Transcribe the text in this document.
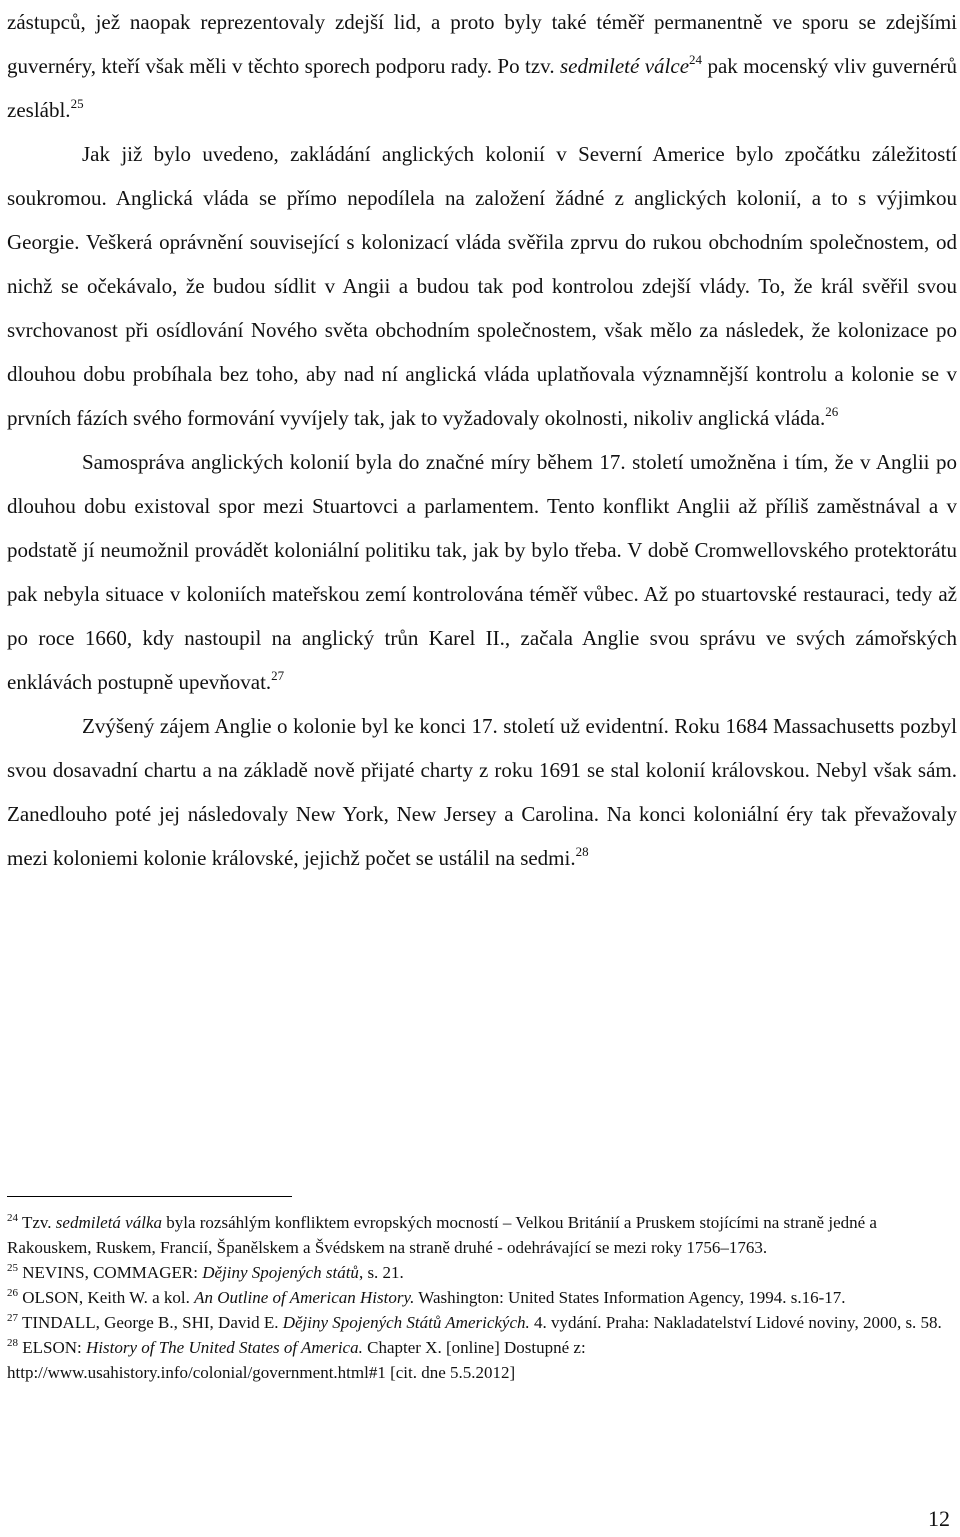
zástupců, jež naopak reprezentovaly zdejší lid, a proto byly také téměř permanentně ve sporu se zdejšími guvernéry, kteří však měli v těchto sporech podporu rady. Po tzv. sedmileté válce$^{24}$ pak mocenský vliv guvernérů zeslábl.$^{25}$

Jak již bylo uvedeno, zakládání anglických kolonií v Severní Americe bylo zpočátku záležitostí soukromou. Anglická vláda se přímo nepodílela na založení žádné z anglických kolonií, a to s výjimkou Georgie. Veškerá oprávnění související s kolonizací vláda svěřila zprvu do rukou obchodním společnostem, od nichž se očekávalo, že budou sídlit v Angii a budou tak pod kontrolou zdejší vlády. To, že král svěřil svou svrchovanost při osídlování Nového světa obchodním společnostem, však mělo za následek, že kolonizace po dlouhou dobu probíhala bez toho, aby nad ní anglická vláda uplatňovala významnější kontrolu a kolonie se v prvních fázích svého formování vyvíjely tak, jak to vyžadovaly okolnosti, nikoliv anglická vláda.$^{26}$

Samospráva anglických kolonií byla do značné míry během 17. století umožněna i tím, že v Anglii po dlouhou dobu existoval spor mezi Stuartovci a parlamentem. Tento konflikt Anglii až příliš zaměstnával a v podstatě jí neumožnil provádět koloniální politiku tak, jak by bylo třeba. V době Cromwellovského protektorátu pak nebyla situace v koloniích mateřskou zemí kontrolována téměř vůbec. Až po stuartovské restauraci, tedy až po roce 1660, kdy nastoupil na anglický trůn Karel II., začala Anglie svou správu ve svých zámořských enklávách postupně upevňovat.$^{27}$

Zvýšený zájem Anglie o kolonie byl ke konci 17. století už evidentní. Roku 1684 Massachusetts pozbyl svou dosavadní chartu a na základě nově přijaté charty z roku 1691 se stal kolonií královskou. Nebyl však sám. Zanedlouho poté jej následovaly New York, New Jersey a Carolina. Na konci koloniální éry tak převažovaly mezi koloniemi kolonie královské, jejichž počet se ustálil na sedmi.$^{28}$

$^{24}$ Tzv. sedmiletá válka byla rozsáhlým konfliktem evropských mocností – Velkou Británií a Pruskem stojícími na straně jedné a Rakouskem, Ruskem, Francií, Španělskem a Švédskem na straně druhé - odehrávající se mezi roky 1756–1763.

$^{25}$ NEVINS, COMMAGER: Dějiny Spojených států, s. 21.

$^{26}$ OLSON, Keith W. a kol. An Outline of American History. Washington: United States Information Agency, 1994. s.16-17.

$^{27}$ TINDALL, George B., SHI, David E. Dějiny Spojených Států Amerických. 4. vydání. Praha: Nakladatelství Lidové noviny, 2000, s. 58.

$^{28}$ ELSON: History of The United States of America. Chapter X. [online] Dostupné z: http://www.usahistory.info/colonial/government.html#1 [cit. dne 5.5.2012]

12
